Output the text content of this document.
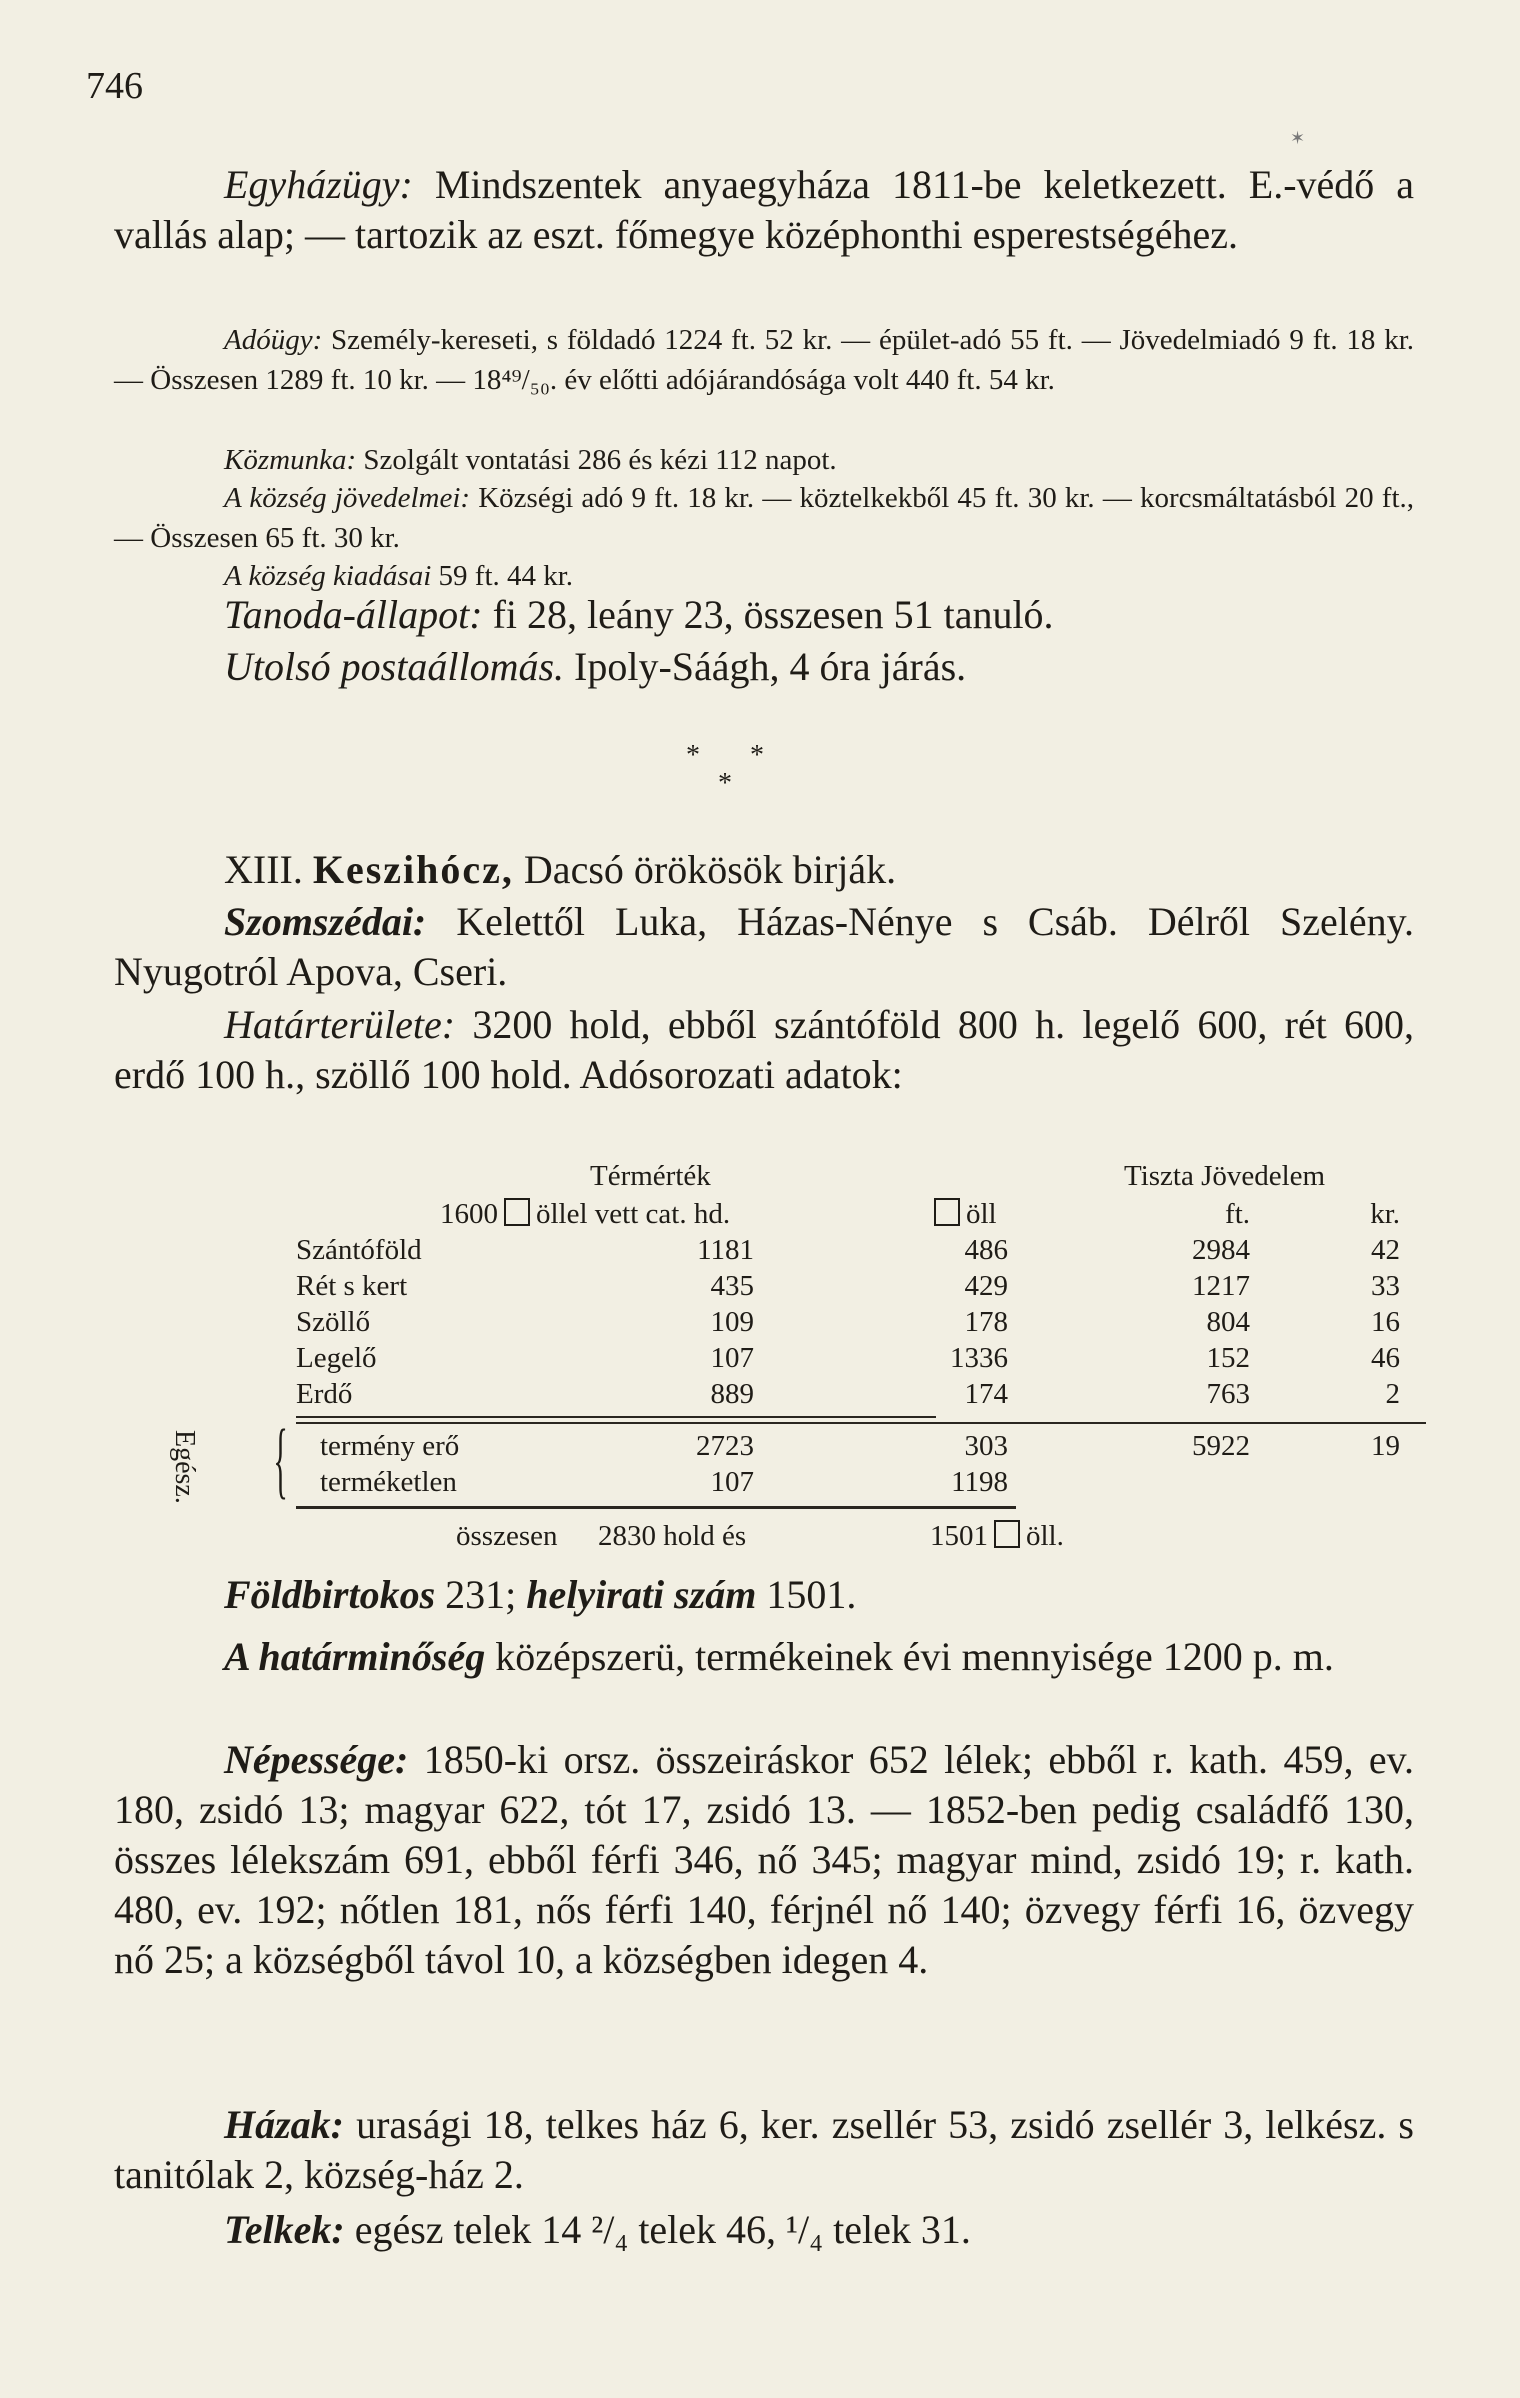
746
✶
Egyházügy: Mindszentek anyaegyháza 1811-be keletkezett. E.-védő a vallás alap; — tartozik az eszt. főmegye középhonthi esperestségéhez.
Adóügy: Személy-kereseti, s földadó 1224 ft. 52 kr. — épület-adó 55 ft. — Jövedelmiadó 9 ft. 18 kr. — Összesen 1289 ft. 10 kr. — 18⁴⁹/₅₀. év előtti adójárandósága volt 440 ft. 54 kr.
Közmunka: Szolgált vontatási 286 és kézi 112 napot.
A község jövedelmei: Községi adó 9 ft. 18 kr. — köztelkekből 45 ft. 30 kr. — korcsmáltatásból 20 ft., — Összesen 65 ft. 30 kr.
A község kiadásai 59 ft. 44 kr.
Tanoda-állapot: fi 28, leány 23, összesen 51 tanuló.
Utolsó postaállomás. Ipoly-Sáágh, 4 óra járás.
* *
*
XIII. Keszihócz, Dacsó örökösök birják.
Szomszédai: Kelettől Luka, Házas-Nénye s Csáb. Délről Szelény. Nyugotról Apova, Cseri.
Határterülete: 3200 hold, ebből szántóföld 800 h. legelő 600, rét 600, erdő 100 h., szöllő 100 hold. Adósorozati adatok:
Térmérték	Tiszta Jövedelem
1600 öllel vett cat. hd.	öll	ft.	kr.
Szántóföld	1181	486	2984	42
Rét s kert	435	429	1217	33
Szöllő	109	178	804	16
Legelő	107	1336	152	46
Erdő	889	174	763	2
Egész. { termény erő	2723	303	5922	19
terméketlen	107	1198
összesen 2830 hold és	1501 öll.
Földbirtokos 231; helyirati szám 1501.
A határminőség középszerü, termékeinek évi mennyisége 1200 p. m.
Népessége: 1850-ki orsz. összeiráskor 652 lélek; ebből r. kath. 459, ev. 180, zsidó 13; magyar 622, tót 17, zsidó 13. — 1852-ben pedig családfő 130, összes lélekszám 691, ebből férfi 346, nő 345; magyar mind, zsidó 19; r. kath. 480, ev. 192; nőtlen 181, nős férfi 140, férjnél nő 140; özvegy férfi 16, özvegy nő 25; a községből távol 10, a községben idegen 4.
Házak: urasági 18, telkes ház 6, ker. zsellér 53, zsidó zsellér 3, lelkész. s tanitólak 2, község-ház 2.
Telkek: egész telek 14 ²/₄ telek 46, ¹/₄ telek 31.
